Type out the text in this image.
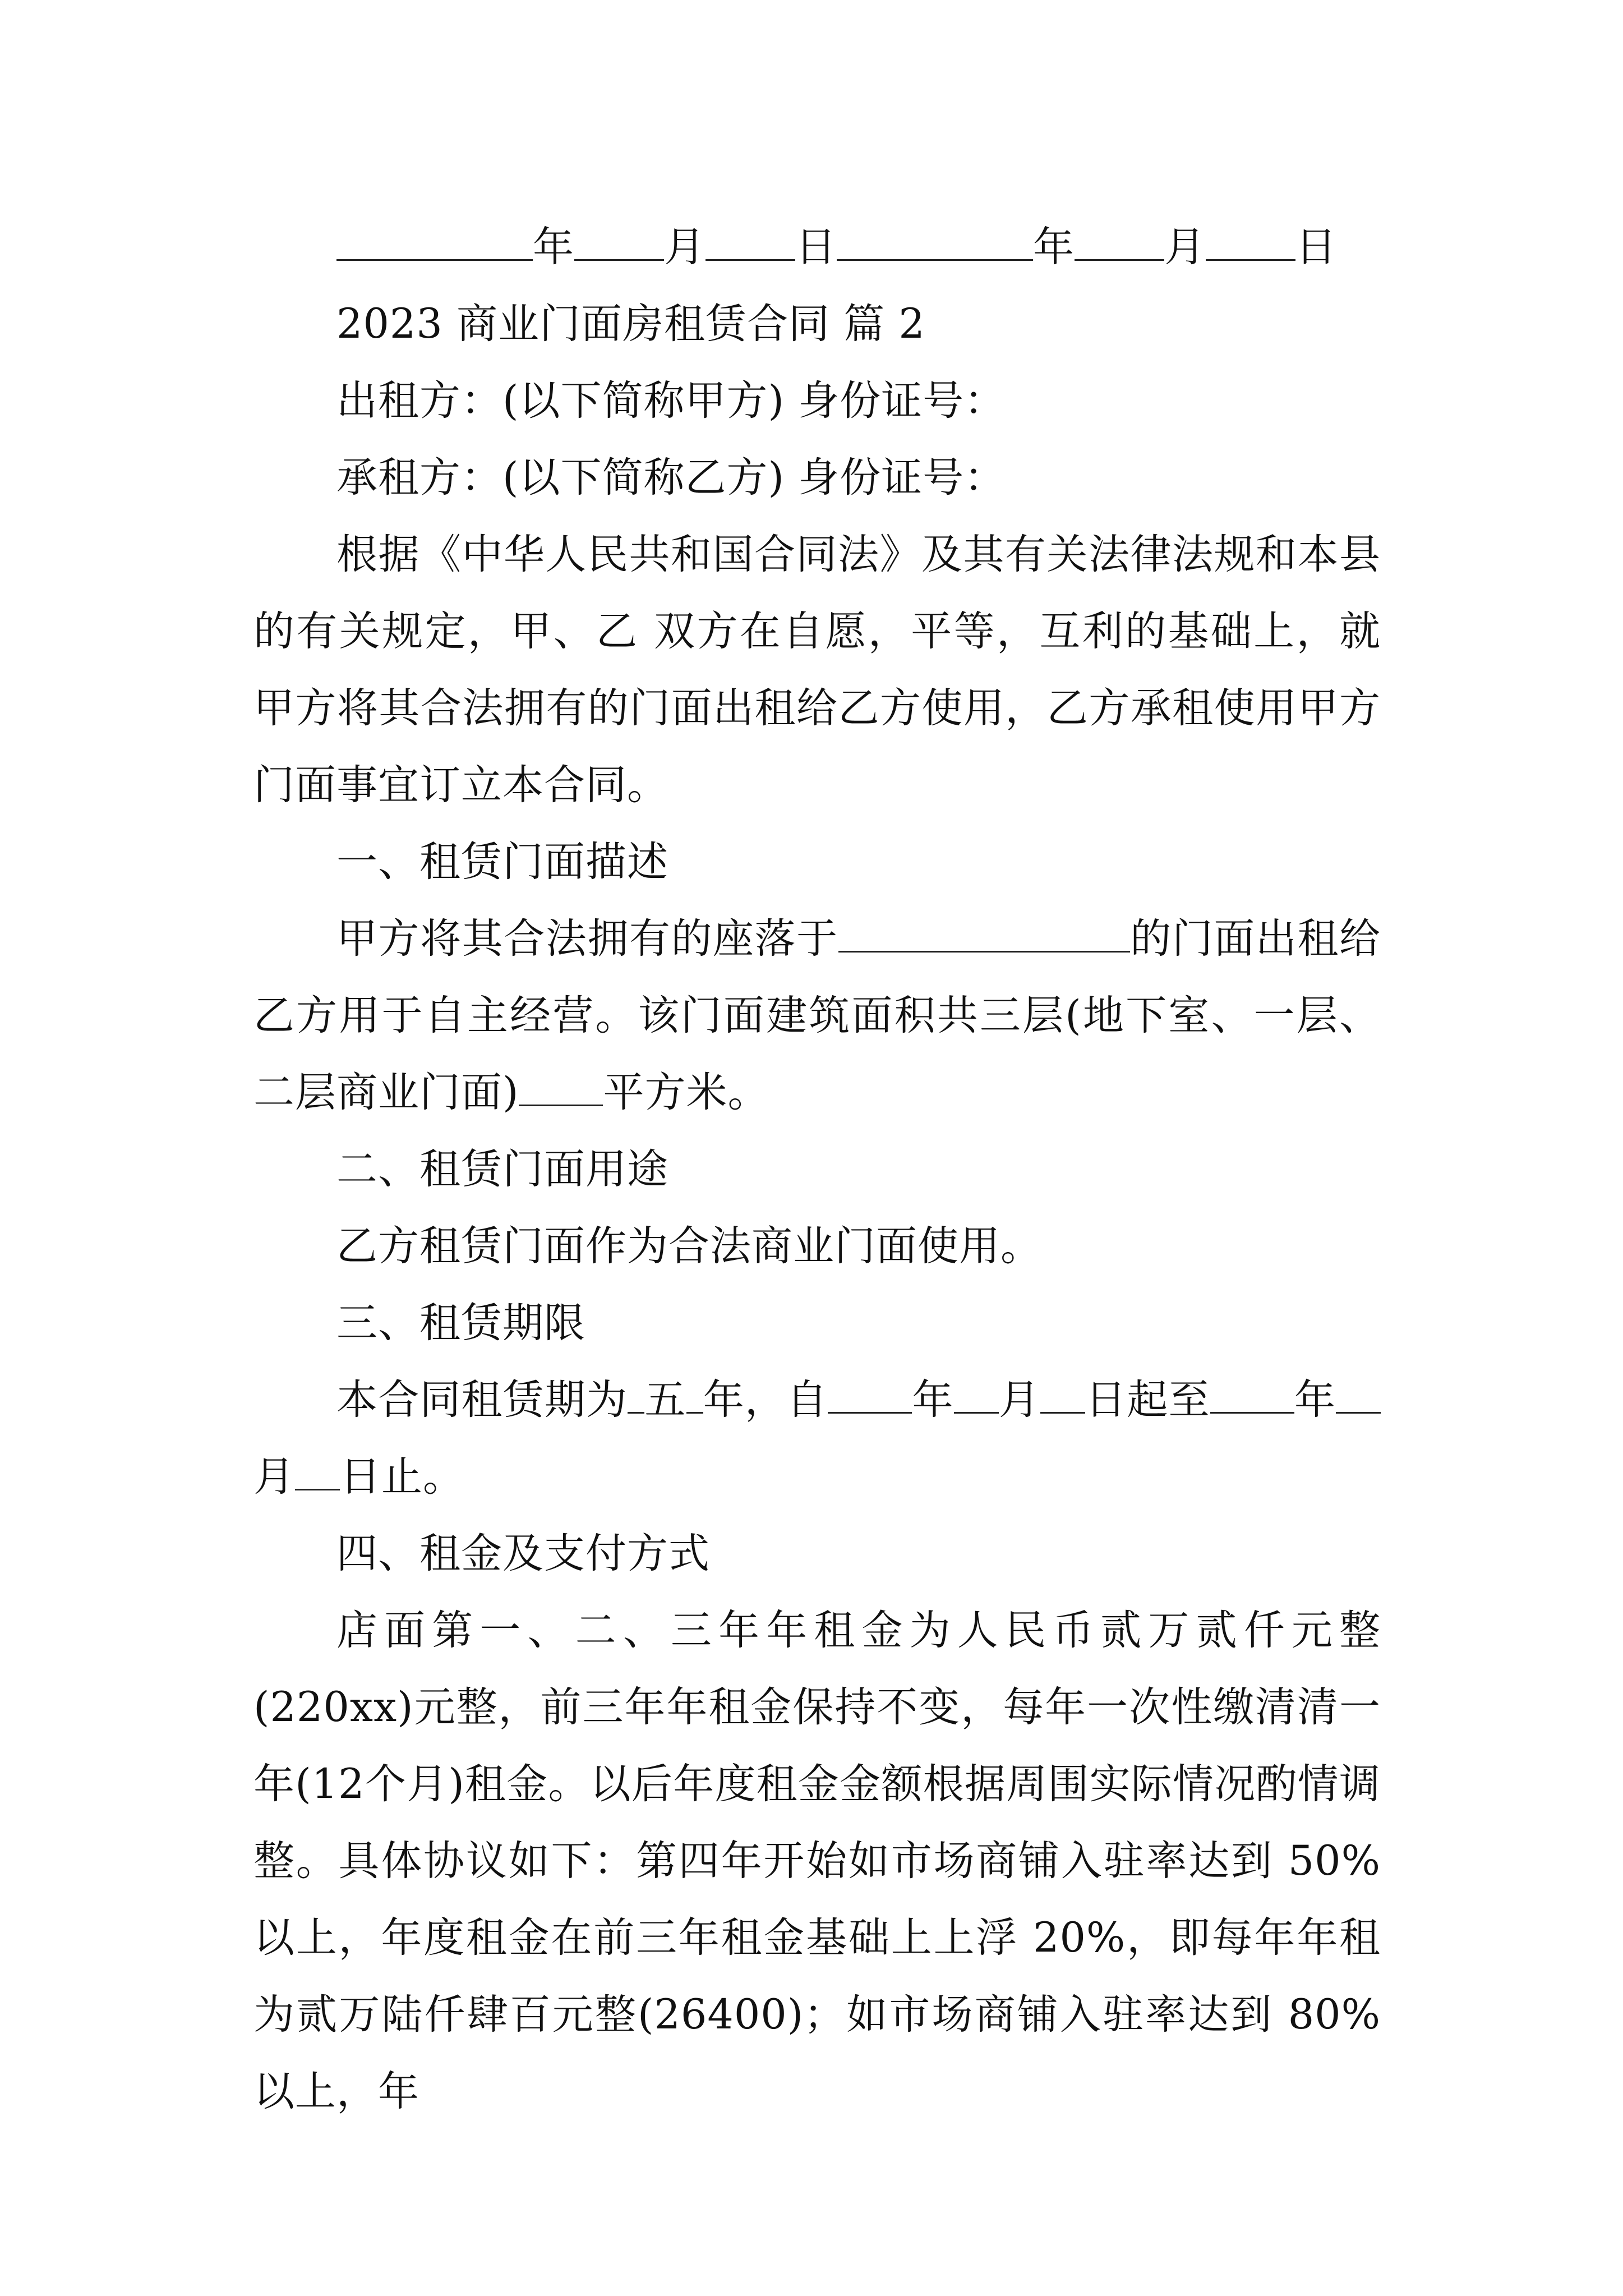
年 月 日	年 月 日
2023 商业门面房租赁合同 篇 2
出租方：(以下简称甲方) 身份证号：
承租方：(以下简称乙方) 身份证号：

根据《中华人民共和国合同法》及其有关法律法规和本县的有关规定，甲、乙 双方在自愿，平等，互利的基础上，就甲方将其合法拥有的门面出租给乙方使用，乙方承租使用甲方门面事宜订立本合同。

一、租赁门面描述

甲方将其合法拥有的座落于	的门面出租给乙方用于自主经营。该门面建筑面积共三层(地下室、一层、二层商业门面) 平方米。

二、租赁门面用途
乙方租赁门面作为合法商业门面使用。
三、租赁期限

本合同租赁期为 五 年，自 年 月 日起至 年月 日止。

四、租金及支付方式

店面第一、二、三年年租金为人民币贰万贰仟元整(220xx)元整，前三年年租金保持不变，每年一次性缴清清一年(12个月)租金。以后年度租金金额根据周围实际情况酌情调整。具体协议如下：第四年开始如市场商铺入驻率达到 50%以上，年度租金在前三年租金基础上上浮 20%，即每年年租为贰万陆仟肆百元整(26400)；如市场商铺入驻率达到 80%以上，年
